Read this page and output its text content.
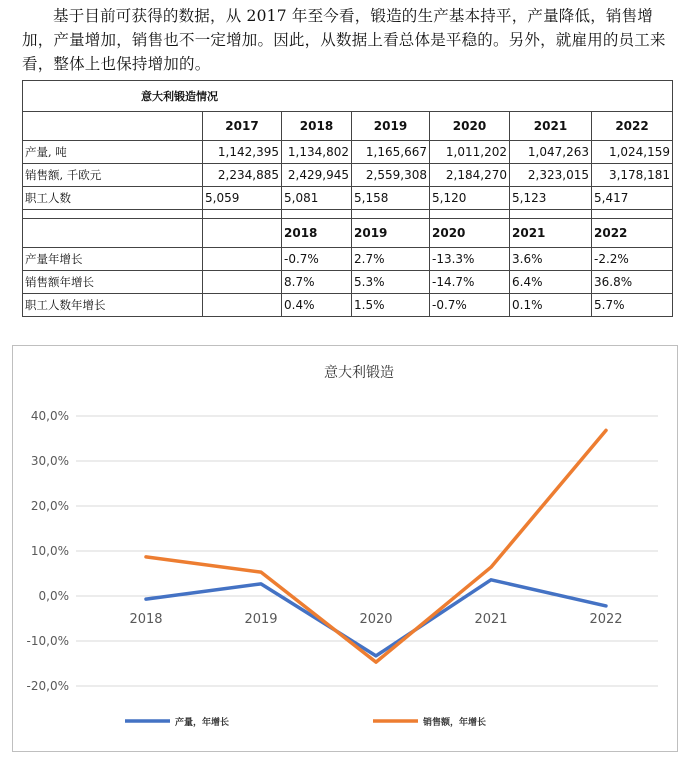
基于目前可获得的数据，从 2017 年至今看，锻造的生产基本持平，产量降低，销售增加，产量增加，销售也不一定增加。因此，从数据上看总体是平稳的。另外，就雇用的员工来看，整体上也保持增加的。

意大利锻造情况						
	2017	2018	2019	2020	2021	2022
产量, 吨	1,142,395	1,134,802	1,165,667	1,011,202	1,047,263	1,024,159
销售额, 千欧元	2,234,885	2,429,945	2,559,308	2,184,270	2,323,015	3,178,181
职工人数	5,059	5,081	5,158	5,120	5,123	5,417

		2018	2019	2020	2021	2022
产量年增长		-0.7%	2.7%	-13.3%	3.6%	-2.2%
销售额年增长		8.7%	5.3%	-14.7%	6.4%	36.8%
职工人数年增长		0.4%	1.5%	-0.7%	0.1%	5.7%
意大利锻造
40,0%
30,0%
20,0%
10,0%
0,0%
-10,0%
-20,0%
2018	2019	2020	2021	2022
产量，年增长	销售额，年增长
